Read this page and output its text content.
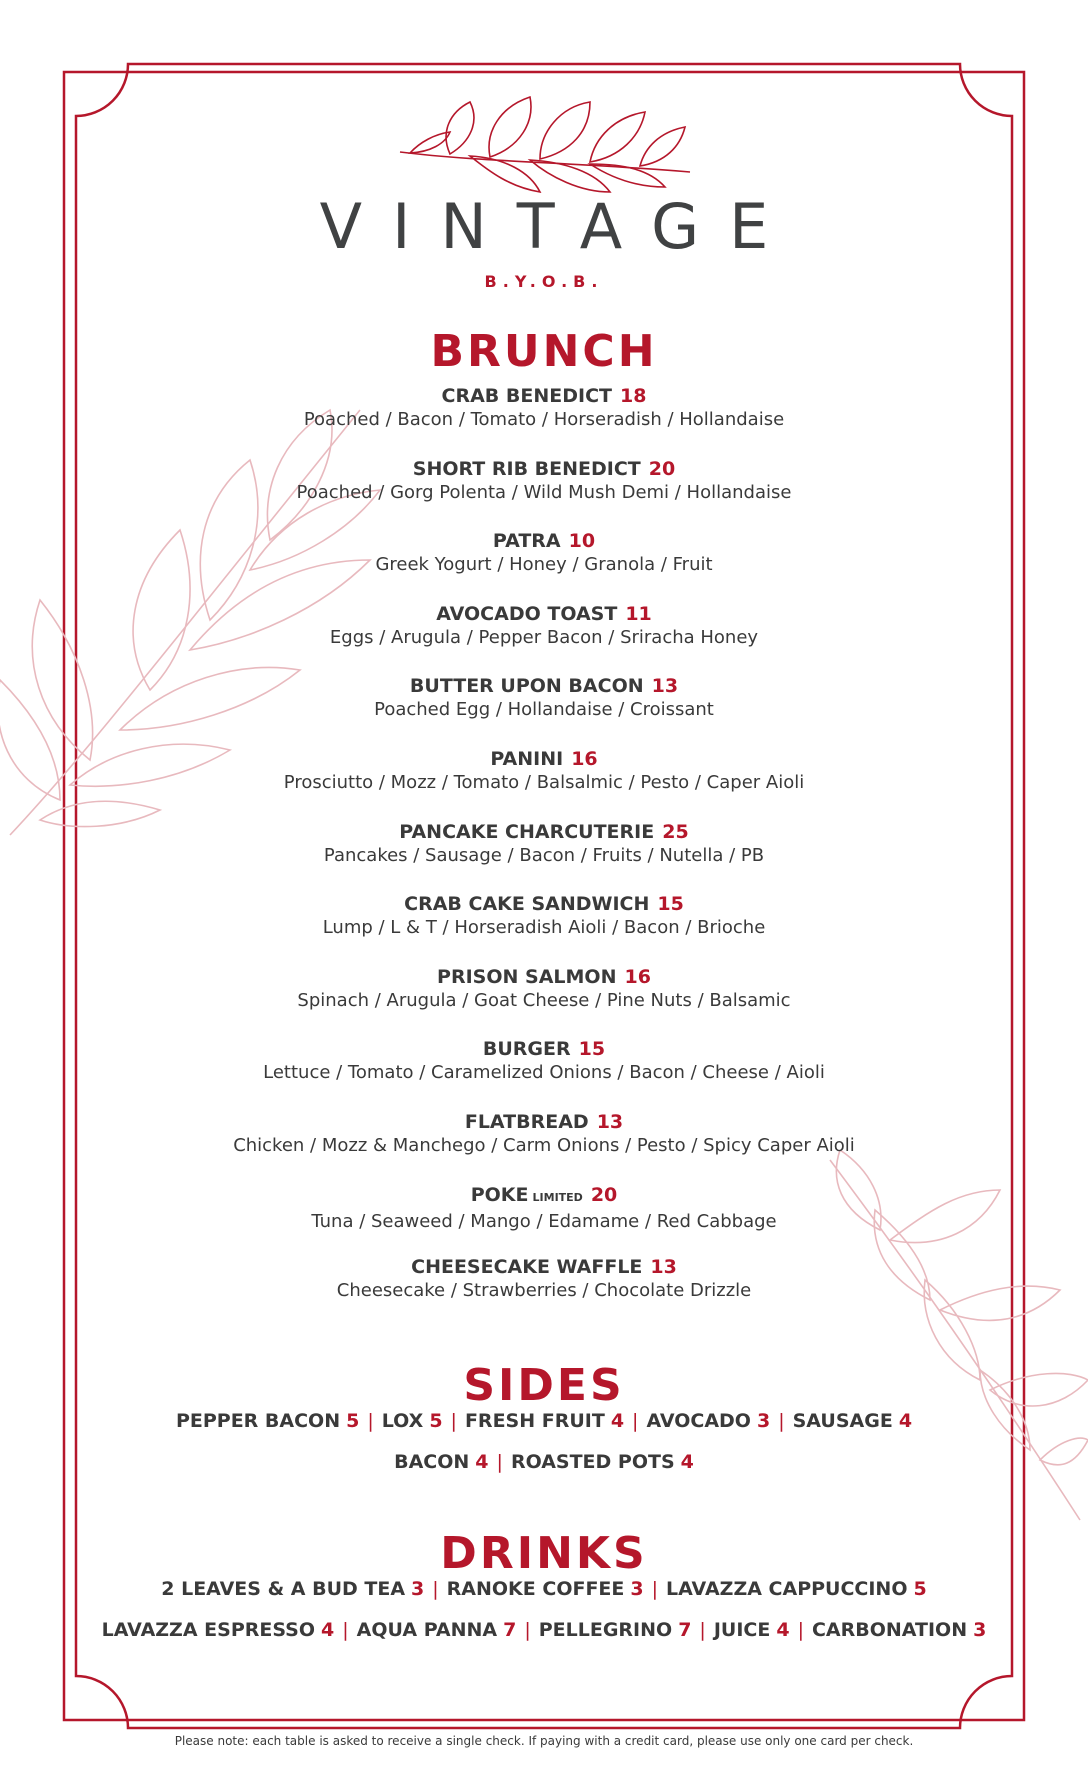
VINTAGE
B.Y.O.B.
BRUNCH
CRAB BENEDICT 18
Poached / Bacon / Tomato / Horseradish / Hollandaise
SHORT RIB BENEDICT 20
Poached / Gorg Polenta / Wild Mush Demi / Hollandaise
PATRA 10
Greek Yogurt / Honey / Granola / Fruit
AVOCADO TOAST 11
Eggs / Arugula / Pepper Bacon / Sriracha Honey
BUTTER UPON BACON 13
Poached Egg / Hollandaise / Croissant
PANINI 16
Prosciutto / Mozz / Tomato / Balsalmic / Pesto / Caper Aioli
PANCAKE CHARCUTERIE 25
Pancakes / Sausage / Bacon / Fruits / Nutella / PB
CRAB CAKE SANDWICH 15
Lump / L & T / Horseradish Aioli / Bacon / Brioche
PRISON SALMON 16
Spinach / Arugula / Goat Cheese / Pine Nuts / Balsamic
BURGER 15
Lettuce / Tomato / Caramelized Onions / Bacon / Cheese / Aioli
FLATBREAD 13
Chicken / Mozz & Manchego / Carm Onions / Pesto / Spicy Caper Aioli
POKE LIMITED 20
Tuna / Seaweed / Mango / Edamame / Red Cabbage
CHEESECAKE WAFFLE 13
Cheesecake / Strawberries / Chocolate Drizzle
SIDES
PEPPER BACON 5 | LOX 5 | FRESH FRUIT 4 | AVOCADO 3 | SAUSAGE 4
BACON 4 | ROASTED POTS 4
DRINKS
2 LEAVES & A BUD TEA 3 | RANOKE COFFEE 3 | LAVAZZA CAPPUCCINO 5
LAVAZZA ESPRESSO 4 | AQUA PANNA 7 | PELLEGRINO 7 | JUICE 4 | CARBONATION 3
Please note: each table is asked to receive a single check. If paying with a credit card, please use only one card per check.
